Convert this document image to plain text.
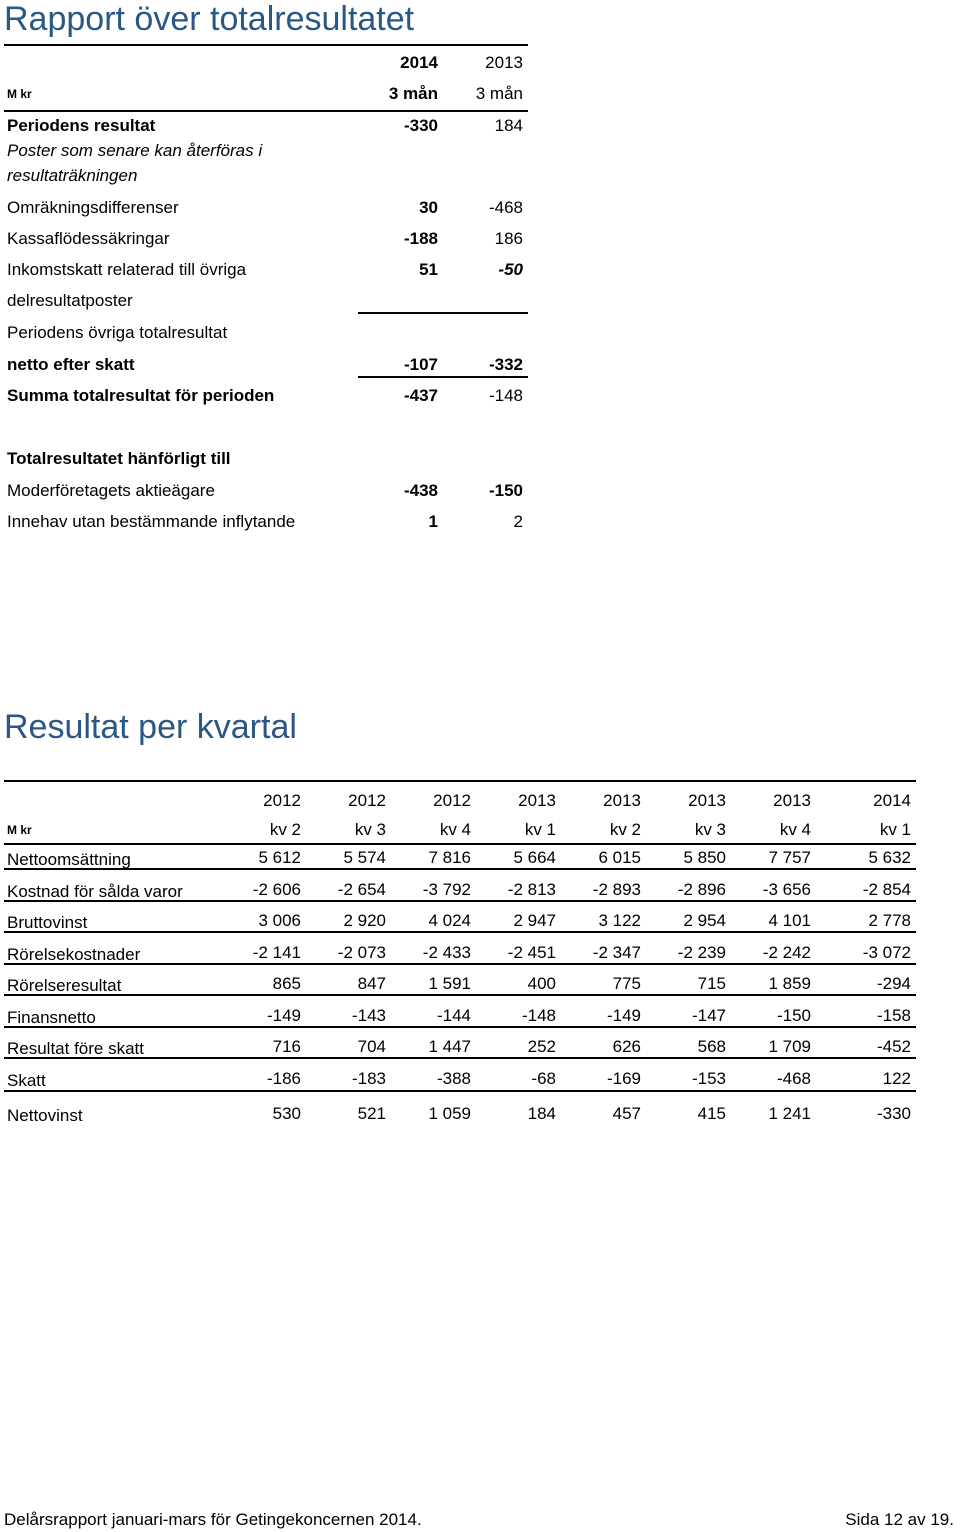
Rapport över totalresultatet
2014	2013
M kr	3 mån	3 mån
Periodens resultat	-330	184
Poster som senare kan återföras i
resultaträkningen
Omräkningsdifferenser	30	-468
Kassaflödessäkringar	-188	186
Inkomstskatt relaterad till övriga	51	-50
delresultatposter
Periodens övriga totalresultat
netto efter skatt	-107	-332
Summa totalresultat för perioden	-437	-148
Totalresultatet hänförligt till
Moderföretagets aktieägare	-438	-150
Innehav utan bestämmande inflytande	1	2
Resultat per kvartal
2012	2012	2012	2013	2013	2013	2013	2014
M kr	kv 2	kv 3	kv 4	kv 1	kv 2	kv 3	kv 4	kv 1
Nettoomsättning	5 612	5 574	7 816	5 664	6 015	5 850	7 757	5 632
Kostnad för sålda varor	-2 606	-2 654	-3 792	-2 813	-2 893	-2 896	-3 656	-2 854
Bruttovinst	3 006	2 920	4 024	2 947	3 122	2 954	4 101	2 778
Rörelsekostnader	-2 141	-2 073	-2 433	-2 451	-2 347	-2 239	-2 242	-3 072
Rörelseresultat	865	847	1 591	400	775	715	1 859	-294
Finansnetto	-149	-143	-144	-148	-149	-147	-150	-158
Resultat före skatt	716	704	1 447	252	626	568	1 709	-452
Skatt	-186	-183	-388	-68	-169	-153	-468	122
Nettovinst	530	521	1 059	184	457	415	1 241	-330
Delårsrapport januari-mars för Getingekoncernen 2014.	Sida 12 av 19.
